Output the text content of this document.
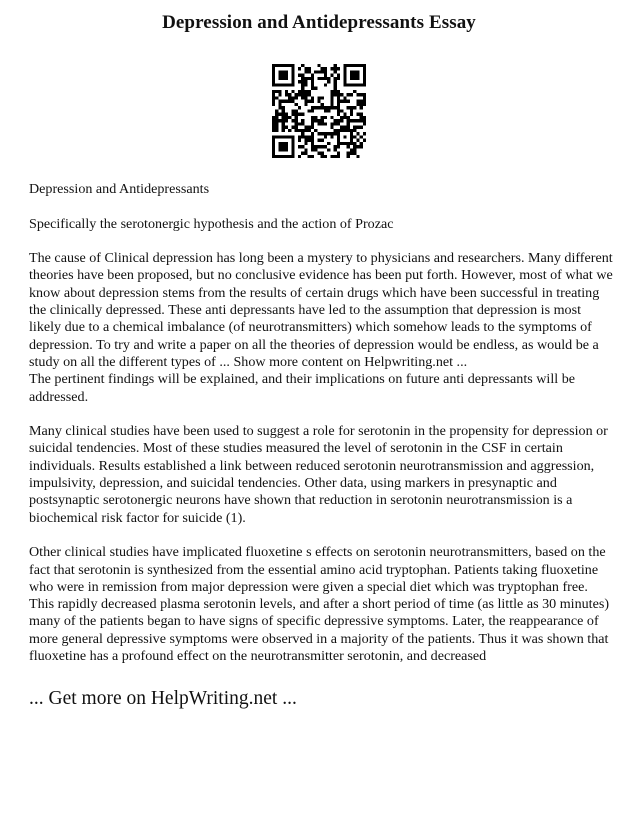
Depression and Antidepressants Essay

Depression and Antidepressants

Specifically the serotonergic hypothesis and the action of Prozac

The cause of Clinical depression has long been a mystery to physicians and researchers. Many different theories have been proposed, but no conclusive evidence has been put forth. However, most of what we know about depression stems from the results of certain drugs which have been successful in treating the clinically depressed. These anti depressants have led to the assumption that depression is most likely due to a chemical imbalance (of neurotransmitters) which somehow leads to the symptoms of depression. To try and write a paper on all the theories of depression would be endless, as would be a study on all the different types of ... Show more content on Helpwriting.net ...

The pertinent findings will be explained, and their implications on future anti depressants will be addressed.

Many clinical studies have been used to suggest a role for serotonin in the propensity for depression or suicidal tendencies. Most of these studies measured the level of serotonin in the CSF in certain individuals. Results established a link between reduced serotonin neurotransmission and aggression, impulsivity, depression, and suicidal tendencies. Other data, using markers in presynaptic and postsynaptic serotonergic neurons have shown that reduction in serotonin neurotransmission is a biochemical risk factor for suicide (1).

Other clinical studies have implicated fluoxetine s effects on serotonin neurotransmitters, based on the fact that serotonin is synthesized from the essential amino acid tryptophan. Patients taking fluoxetine who were in remission from major depression were given a special diet which was tryptophan free. This rapidly decreased plasma serotonin levels, and after a short period of time (as little as 30 minutes) many of the patients began to have signs of specific depressive symptoms. Later, the reappearance of more general depressive symptoms were observed in a majority of the patients. Thus it was shown that fluoxetine has a profound effect on the neurotransmitter serotonin, and decreased

... Get more on HelpWriting.net ...
